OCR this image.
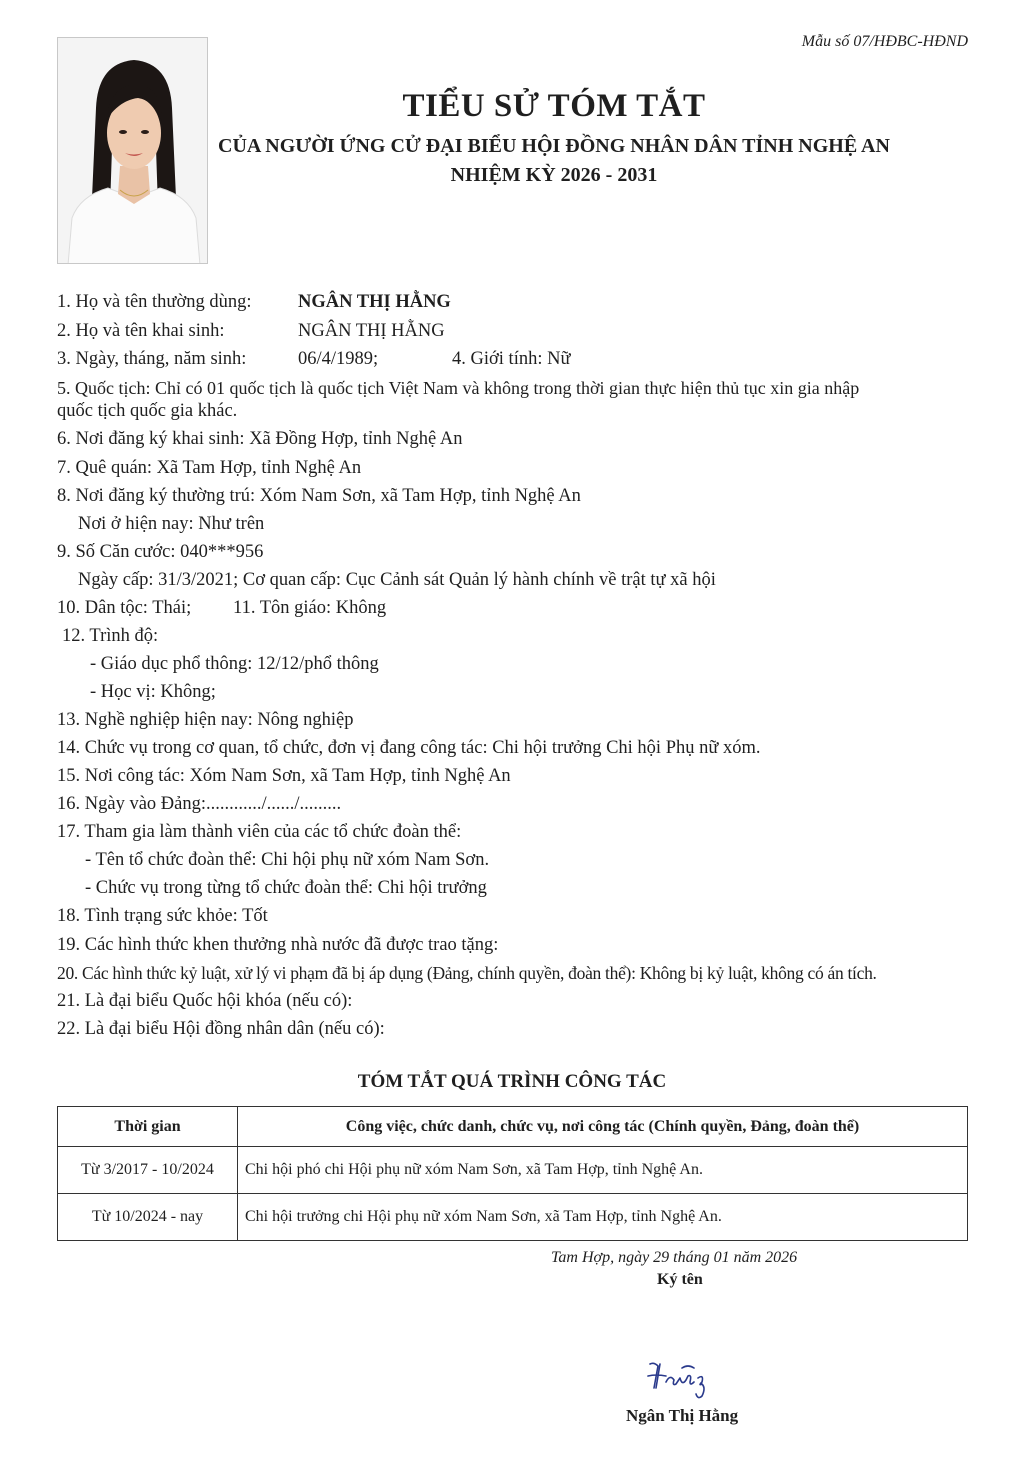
Mẫu số 07/HĐBC-HĐND
TIỂU SỬ TÓM TẮT
CỦA NGƯỜI ỨNG CỬ ĐẠI BIỂU HỘI ĐỒNG NHÂN DÂN TỈNH NGHỆ AN
NHIỆM KỲ 2026 - 2031
1. Họ và tên thường dùng:	NGÂN THỊ HẰNG
2. Họ và tên khai sinh:	NGÂN THỊ HẰNG
3. Ngày, tháng, năm sinh:	06/4/1989;	4. Giới tính: Nữ
5. Quốc tịch: Chỉ có 01 quốc tịch là quốc tịch Việt Nam và không trong thời gian thực hiện thủ tục xin gia nhập
quốc tịch quốc gia khác.
6. Nơi đăng ký khai sinh: Xã Đồng Hợp, tỉnh Nghệ An
7. Quê quán: Xã Tam Hợp, tỉnh Nghệ An
8. Nơi đăng ký thường trú: Xóm Nam Sơn, xã Tam Hợp, tỉnh Nghệ An
Nơi ở hiện nay: Như trên
9. Số Căn cước: 040***956
Ngày cấp: 31/3/2021; Cơ quan cấp: Cục Cảnh sát Quản lý hành chính về trật tự xã hội
10. Dân tộc: Thái; 11. Tôn giáo: Không
12. Trình độ:
- Giáo dục phổ thông: 12/12/phổ thông
- Học vị: Không;
13. Nghề nghiệp hiện nay: Nông nghiệp
14. Chức vụ trong cơ quan, tổ chức, đơn vị đang công tác: Chi hội trưởng Chi hội Phụ nữ xóm.
15. Nơi công tác: Xóm Nam Sơn, xã Tam Hợp, tỉnh Nghệ An
16. Ngày vào Đảng:............/....../.........
17. Tham gia làm thành viên của các tổ chức đoàn thể:
- Tên tổ chức đoàn thể: Chi hội phụ nữ xóm Nam Sơn.
- Chức vụ trong từng tổ chức đoàn thể: Chi hội trưởng
18. Tình trạng sức khỏe: Tốt
19. Các hình thức khen thưởng nhà nước đã được trao tặng:
20. Các hình thức kỷ luật, xử lý vi phạm đã bị áp dụng (Đảng, chính quyền, đoàn thể): Không bị kỷ luật, không có án tích.
21. Là đại biểu Quốc hội khóa (nếu có):
22. Là đại biểu Hội đồng nhân dân (nếu có):
TÓM TẮT QUÁ TRÌNH CÔNG TÁC
Thời gian	Công việc, chức danh, chức vụ, nơi công tác (Chính quyền, Đảng, đoàn thể)
Từ 3/2017 - 10/2024	Chi hội phó chi Hội phụ nữ xóm Nam Sơn, xã Tam Hợp, tỉnh Nghệ An.
Từ 10/2024 - nay	Chi hội trưởng chi Hội phụ nữ xóm Nam Sơn, xã Tam Hợp, tỉnh Nghệ An.
Tam Hợp, ngày 29 tháng 01 năm 2026
Ký tên
Ngân Thị Hằng
